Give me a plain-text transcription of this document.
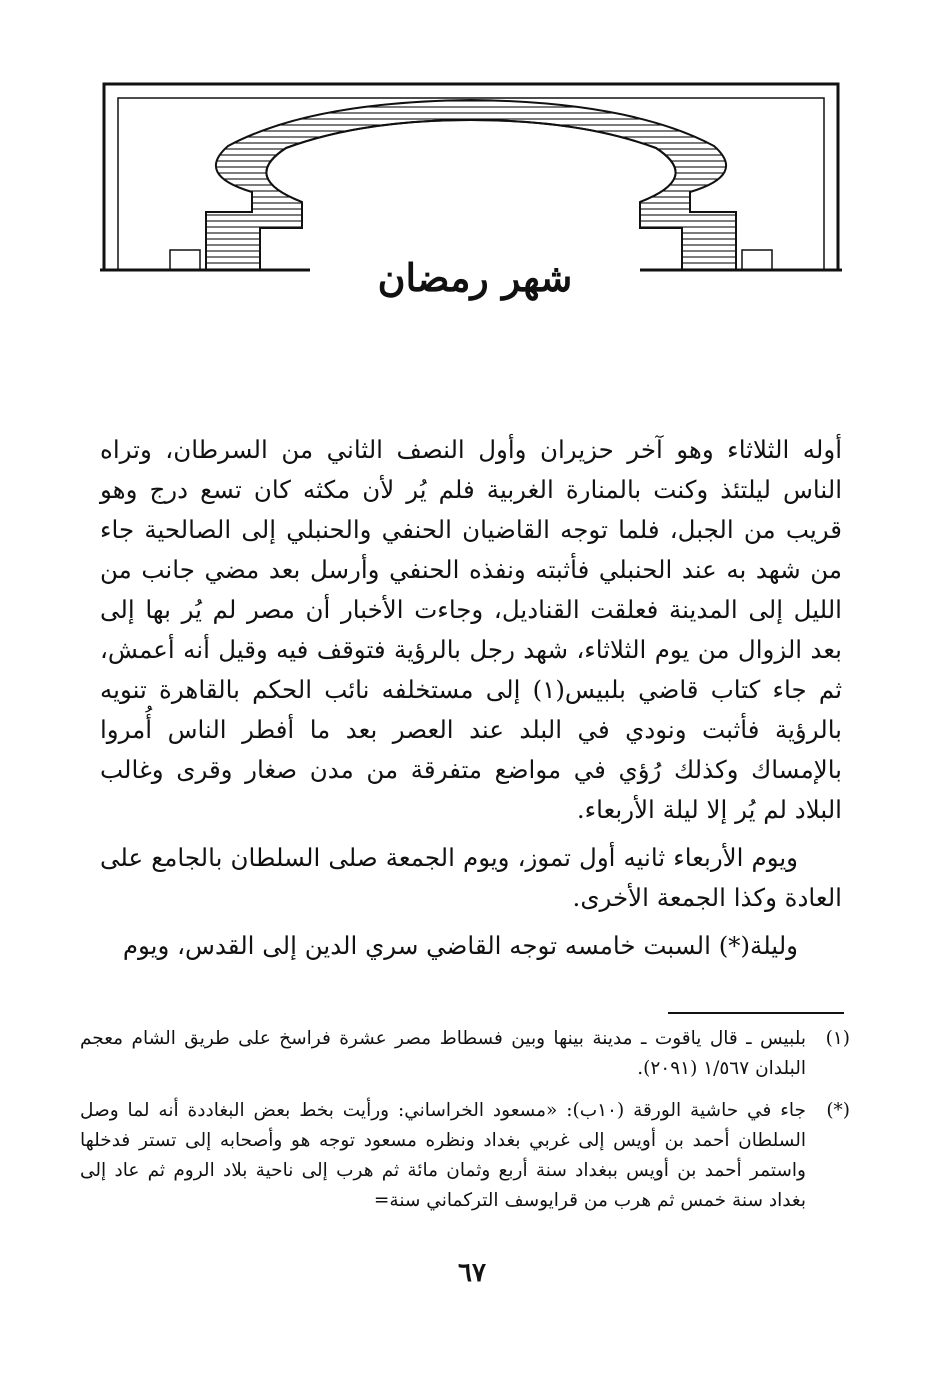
شهر رمضان

أوله الثلاثاء وهو آخر حزيران وأول النصف الثاني من السرطان، وتراه الناس ليلتئذ وكنت بالمنارة الغربية فلم يُر لأن مكثه كان تسع درج وهو قريب من الجبل، فلما توجه القاضيان الحنفي والحنبلي إلى الصالحية جاء من شهد به عند الحنبلي فأثبته ونفذه الحنفي وأرسل بعد مضي جانب من الليل إلى المدينة فعلقت القناديل، وجاءت الأخبار أن مصر لم يُر بها إلى بعد الزوال من يوم الثلاثاء، شهد رجل بالرؤية فتوقف فيه وقيل أنه أعمش، ثم جاء كتاب قاضي بلبيس(١) إلى مستخلفه نائب الحكم بالقاهرة تنويه بالرؤية فأثبت ونودي في البلد عند العصر بعد ما أفطر الناس أُمروا بالإمساك وكذلك رُؤي في مواضع متفرقة من مدن صغار وقرى وغالب البلاد لم يُر إلا ليلة الأربعاء.

ويوم الأربعاء ثانيه أول تموز، ويوم الجمعة صلى السلطان بالجامع على العادة وكذا الجمعة الأخرى.

وليلة(*) السبت خامسه توجه القاضي سري الدين إلى القدس، ويوم

(١)
بلبيس ـ قال ياقوت ـ مدينة بينها وبين فسطاط مصر عشرة فراسخ على طريق الشام معجم البلدان ١/٥٦٧ (٢٠٩١).
(*)
جاء في حاشية الورقة (١٠ب): «مسعود الخراساني: ورأيت بخط بعض البغاددة أنه لما وصل السلطان أحمد بن أويس إلى غربي بغداد ونظره مسعود توجه هو وأصحابه إلى تستر فدخلها واستمر أحمد بن أويس ببغداد سنة أربع وثمان مائة ثم هرب إلى ناحية بلاد الروم ثم عاد إلى بغداد سنة خمس ثم هرب من قرايوسف التركماني سنة=
٦٧
